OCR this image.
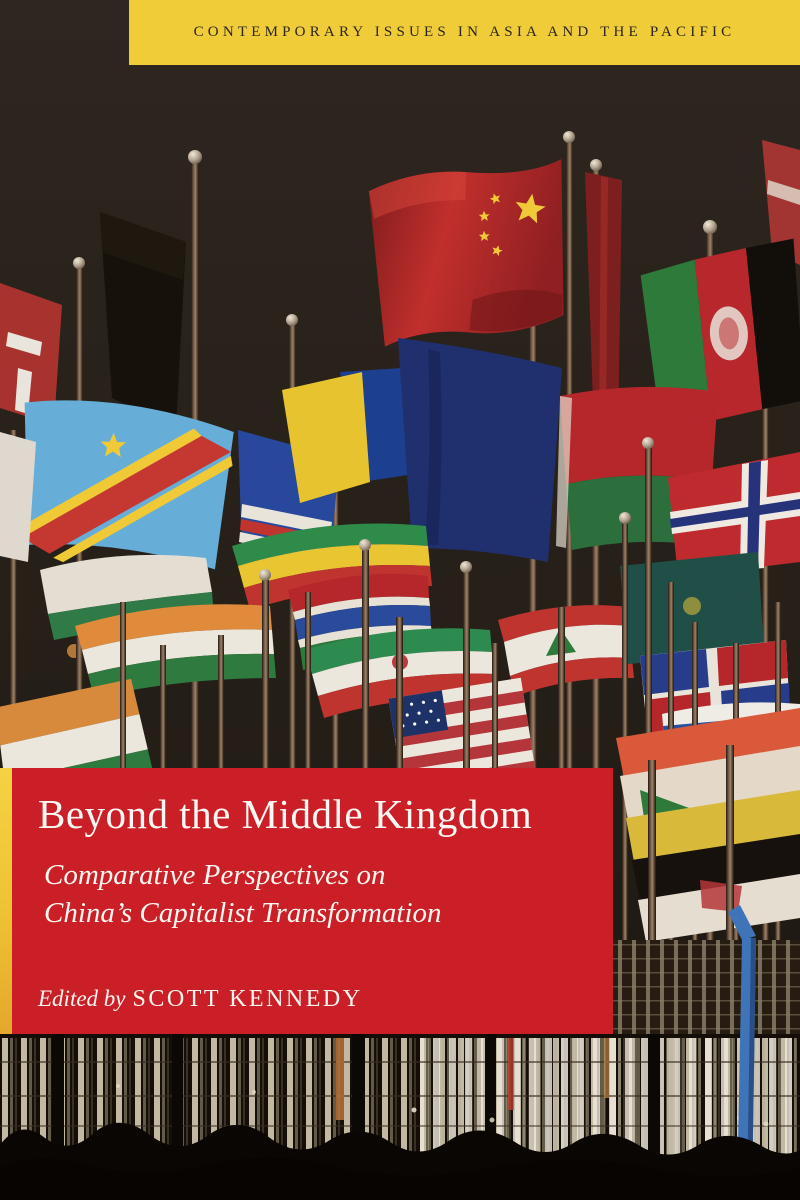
CONTEMPORARY ISSUES IN ASIA AND THE PACIFIC
Beyond the Middle Kingdom

Comparative Perspectives on
China’s Capitalist Transformation

Edited by SCOTT KENNEDY
